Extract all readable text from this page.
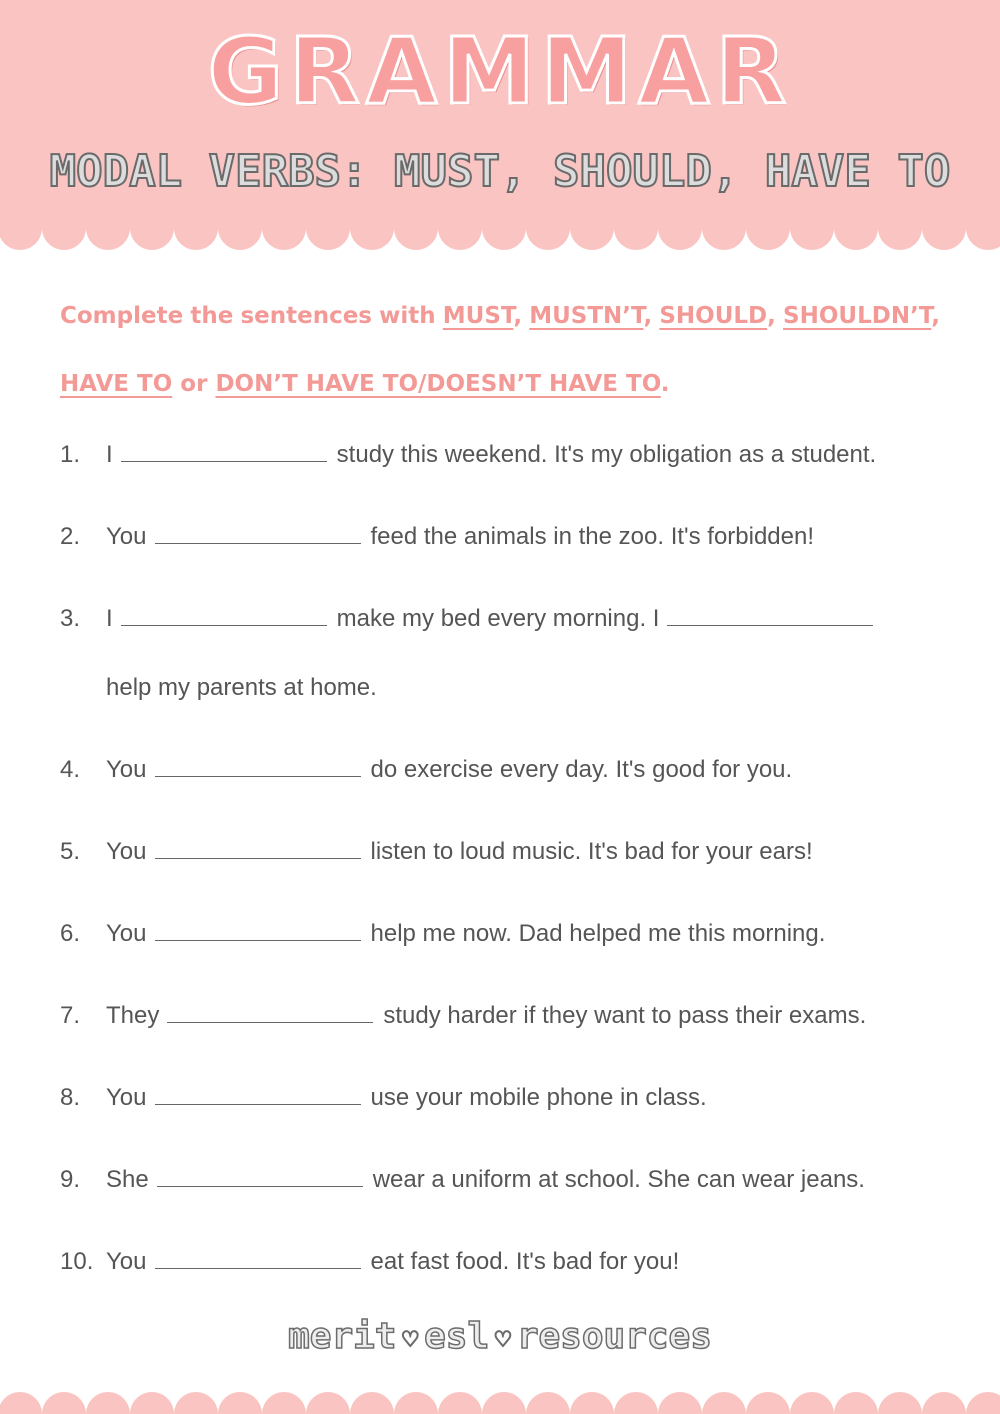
GRAMMAR
MODAL VERBS: MUST, SHOULD, HAVE TO
Complete the sentences with MUST, MUSTN’T, SHOULD, SHOULDN’T,
HAVE TO or DON’T HAVE TO/DOESN’T HAVE TO.
1. I	study this weekend. It's my obligation as a student.
2. You	feed the animals in the zoo. It's forbidden!
3. I	make my bed every morning. I
help my parents at home.
4. You	do exercise every day. It's good for you.
5. You	listen to loud music. It's bad for your ears!
6. You	help me now. Dad helped me this morning.
7. They	study harder if they want to pass their exams.
8. You	use your mobile phone in class.
9. She	wear a uniform at school. She can wear jeans.
10. You	eat fast food. It's bad for you!
merit ♡ esl ♡ resources
